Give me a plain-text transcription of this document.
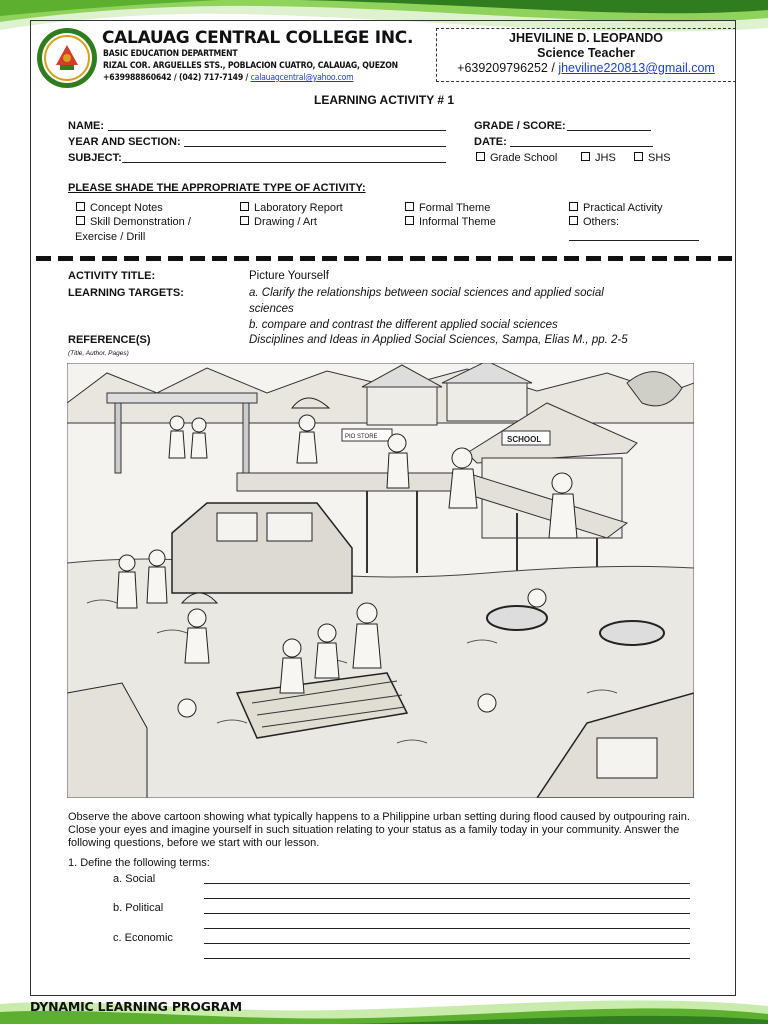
CALAUAG CENTRAL COLLEGE INC.
BASIC EDUCATION DEPARTMENT
RIZAL COR. ARGUELLES STS., POBLACION CUATRO, CALAUAG, QUEZON
+639988860642 / (042) 717-7149 / calauagcentral@yahoo.com
JHEVILINE D. LEOPANDO
Science Teacher
+639209796252 / jheviline220813@gmail.com
LEARNING ACTIVITY # 1
NAME:
YEAR AND SECTION:
SUBJECT:
GRADE / SCORE:
DATE:
Grade School	JHS	SHS
PLEASE SHADE THE APPROPRIATE TYPE OF ACTIVITY:
Concept Notes
Skill Demonstration /
Exercise / Drill
Laboratory Report
Drawing / Art
Formal Theme
Informal Theme
Practical Activity
Others:
ACTIVITY TITLE:	Picture Yourself
LEARNING TARGETS:	a. Clarify the relationships between social sciences and applied social
sciences
b. compare and contrast the different applied social sciences
REFERENCE(S)
(Title, Author, Pages)
Disciplines and Ideas in Applied Social Sciences, Sampa, Elias M., pp. 2-5
SCHOOL
PIO STORE
Observe the above cartoon showing what typically happens to a Philippine urban setting during flood caused by outpouring rain. Close your eyes and imagine yourself in such situation relating to your status as a family today in your community. Answer the following questions, before we start with our lesson.
1. Define the following terms:
a. Social
b. Political
c. Economic
DYNAMIC LEARNING PROGRAM
